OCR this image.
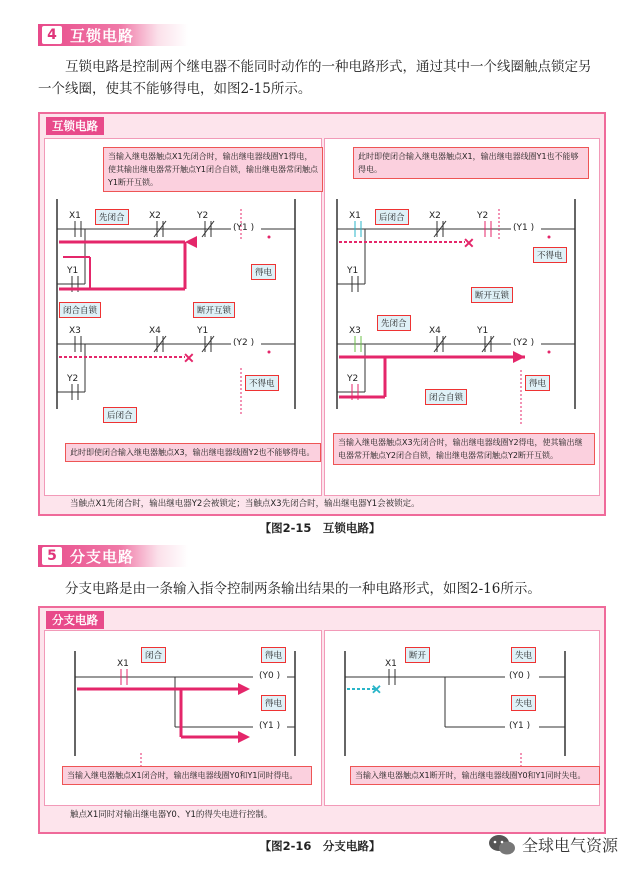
4 互锁电路
互锁电路是控制两个继电器不能同时动作的一种电路形式，通过其中一个线圈触点锁定另一个线圈，使其不能够得电，如图2-15所示。
互锁电路
✕
当输入继电器触点X1先闭合时，输出继电器线圈Y1得电，使其输出继电器常开触点Y1闭合自锁，输出继电器常闭触点Y1断开互锁。
X1	X2	Y2
(Y1 )
Y1
X3	X4	Y1
(Y2 )
Y2
先闭合
得电
闭合自锁	断开互锁
不得电
后闭合
此时即使闭合输入继电器触点X3，输出继电器线圈Y2也不能够得电。
✕
此时即使闭合输入继电器触点X1，输出继电器线圈Y1也不能够得电。
X1	X2	Y2
(Y1 )
Y1
X3	X4	Y1
(Y2 )
Y2
后闭合
不得电
断开互锁
先闭合
得电
闭合自锁
当输入继电器触点X3先闭合时，输出继电器线圈Y2得电，使其输出继电器常开触点Y2闭合自锁，输出继电器常闭触点Y2断开互锁。
当触点X1先闭合时，输出继电器Y2会被锁定；当触点X3先闭合时，输出继电器Y1会被锁定。
【图2-15　互锁电路】
5 分支电路
分支电路是由一条输入指令控制两条输出结果的一种电路形式，如图2-16所示。
分支电路
X1
闭合	得电
得电
(Y0 )
(Y1 )
✕
X1
断开	失电
失电
(Y0 )
(Y1 )
当输入继电器触点X1闭合时，输出继电器线圈Y0和Y1同时得电。	当输入继电器触点X1断开时，输出继电器线圈Y0和Y1同时失电。
触点X1同时对输出继电器Y0、Y1的得失电进行控制。
【图2-16　分支电路】	全球电气资源
